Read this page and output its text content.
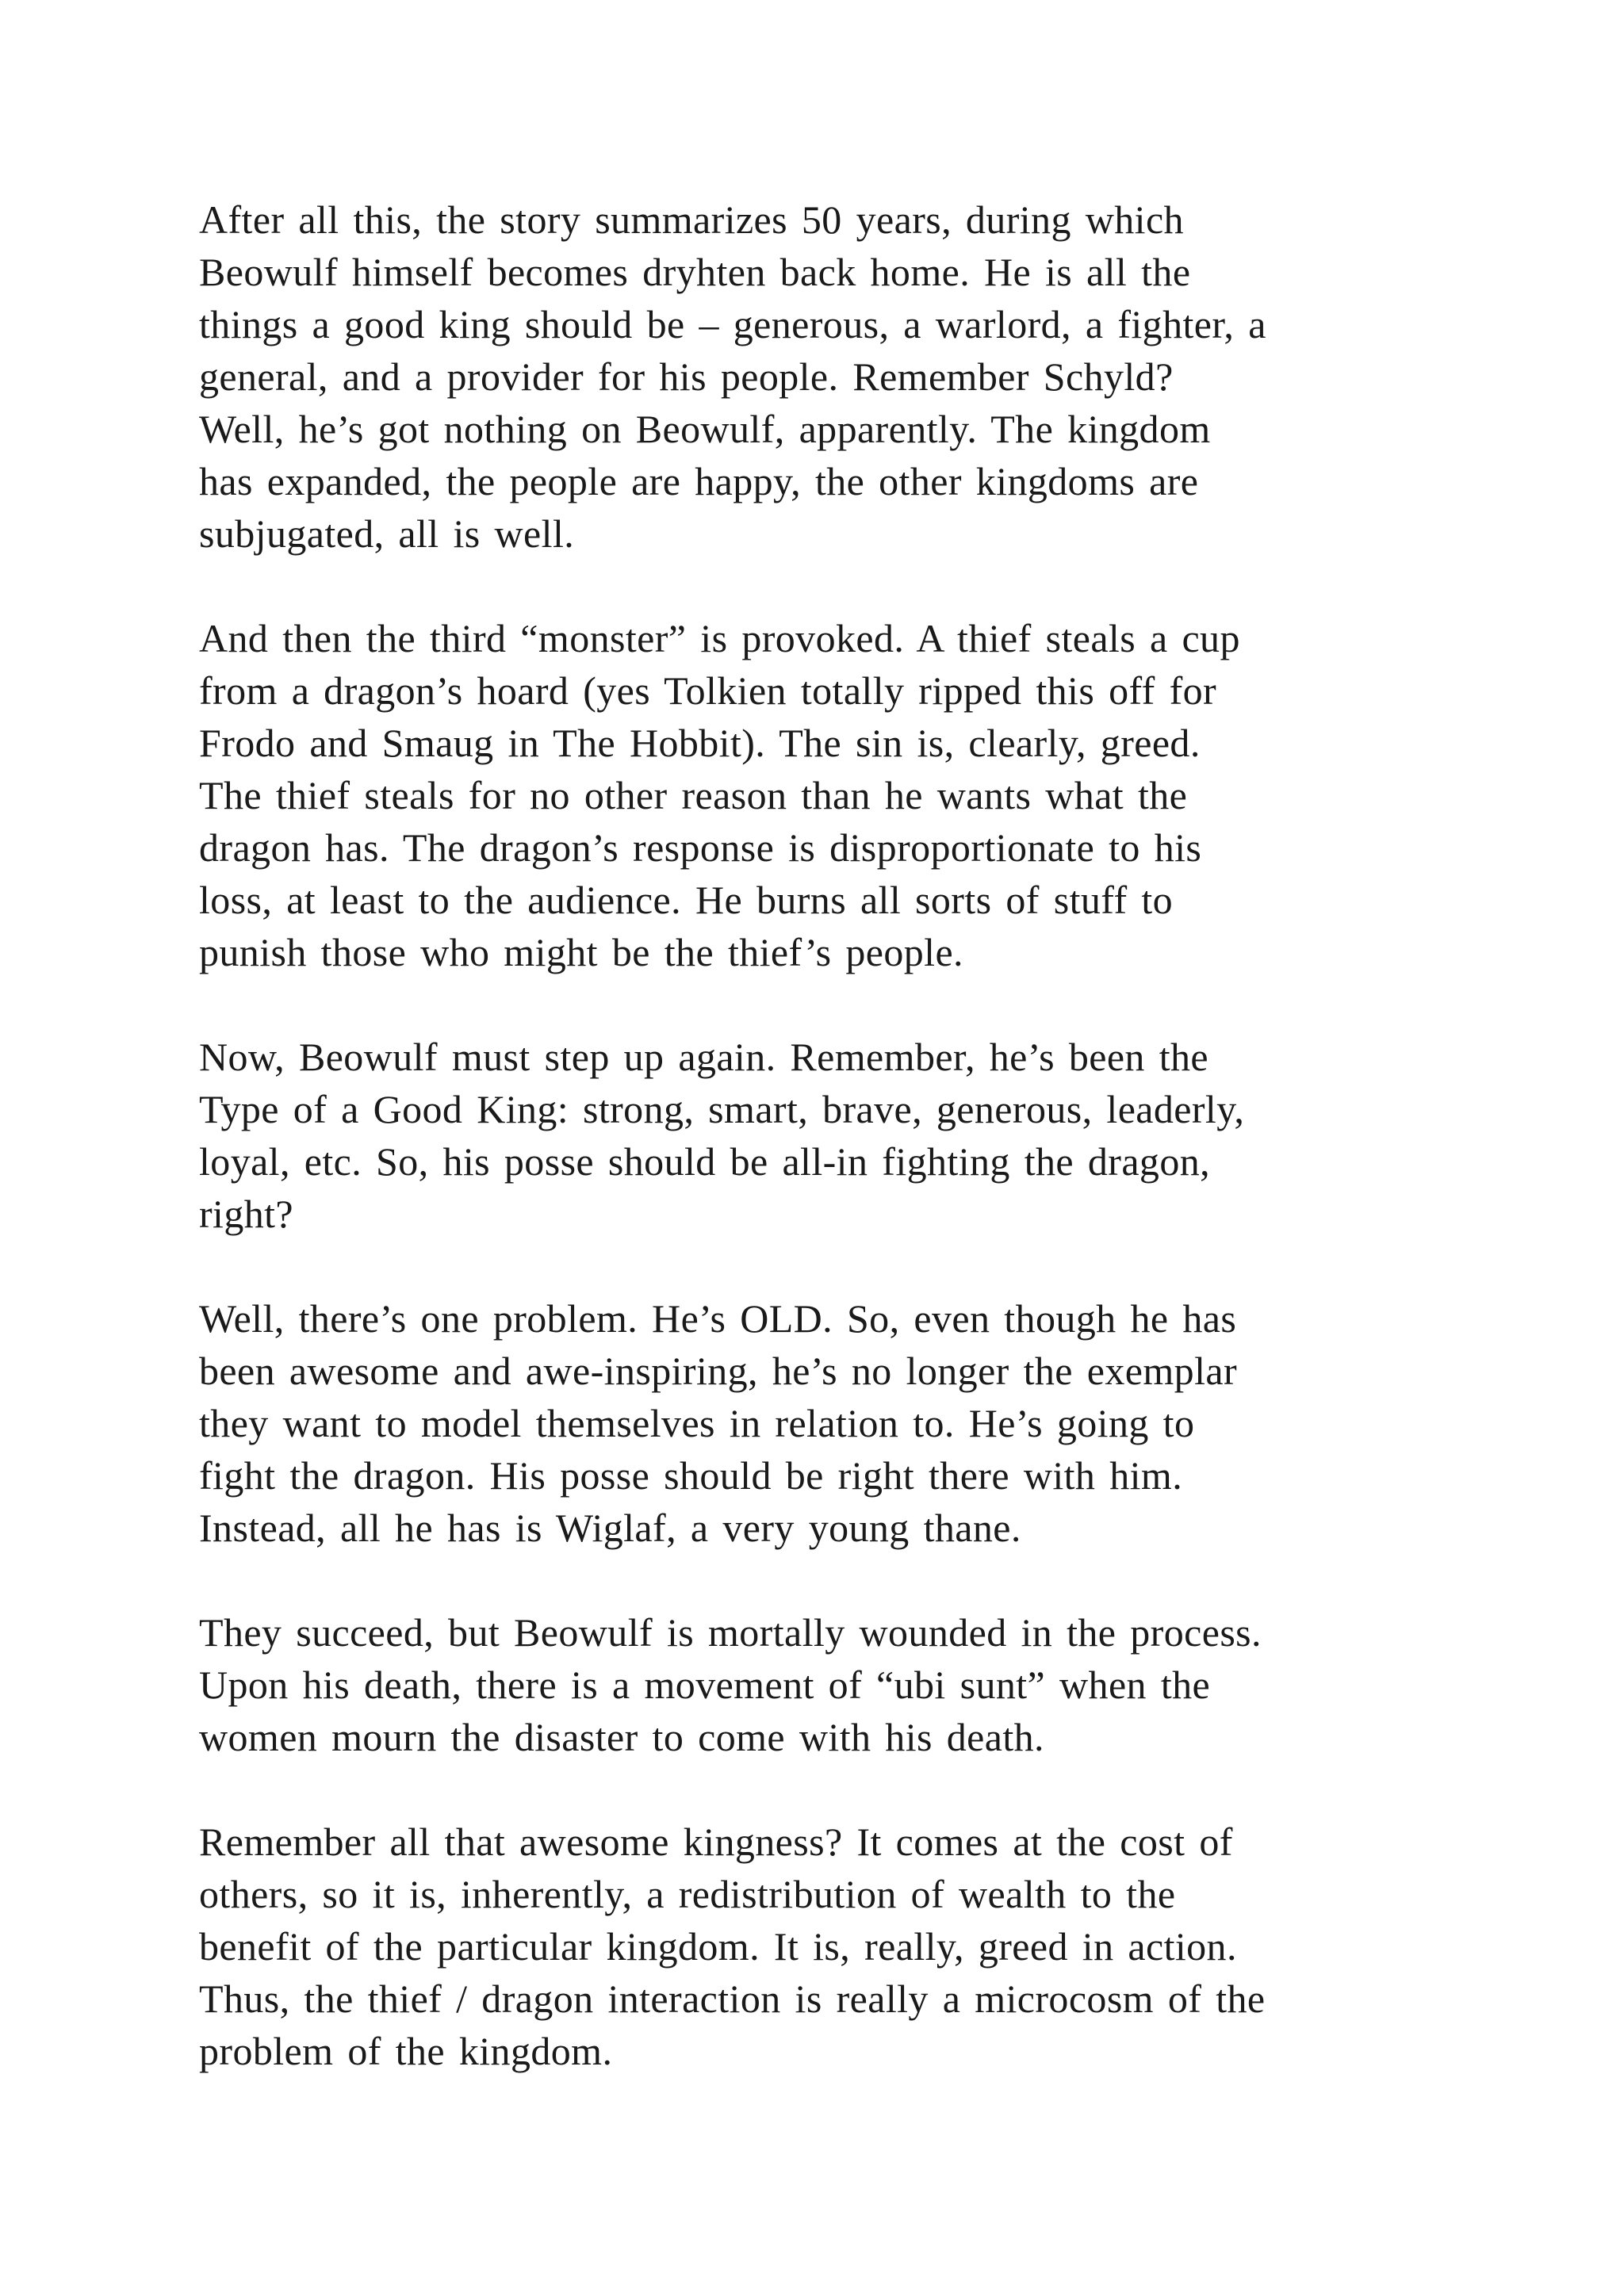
After all this, the story summarizes 50 years, during which
Beowulf himself becomes dryhten back home. He is all the
things a good king should be – generous, a warlord, a fighter, a
general, and a provider for his people. Remember Schyld?
Well, he’s got nothing on Beowulf, apparently. The kingdom
has expanded, the people are happy, the other kingdoms are
subjugated, all is well.

And then the third “monster” is provoked. A thief steals a cup
from a dragon’s hoard (yes Tolkien totally ripped this off for
Frodo and Smaug in The Hobbit). The sin is, clearly, greed.
The thief steals for no other reason than he wants what the
dragon has. The dragon’s response is disproportionate to his
loss, at least to the audience. He burns all sorts of stuff to
punish those who might be the thief’s people.

Now, Beowulf must step up again. Remember, he’s been the
Type of a Good King: strong, smart, brave, generous, leaderly,
loyal, etc. So, his posse should be all-in fighting the dragon,
right?

Well, there’s one problem. He’s OLD. So, even though he has
been awesome and awe-inspiring, he’s no longer the exemplar
they want to model themselves in relation to. He’s going to
fight the dragon. His posse should be right there with him.
Instead, all he has is Wiglaf, a very young thane.

They succeed, but Beowulf is mortally wounded in the process.
Upon his death, there is a movement of “ubi sunt” when the
women mourn the disaster to come with his death.

Remember all that awesome kingness? It comes at the cost of
others, so it is, inherently, a redistribution of wealth to the
benefit of the particular kingdom. It is, really, greed in action.
Thus, the thief / dragon interaction is really a microcosm of the
problem of the kingdom.
